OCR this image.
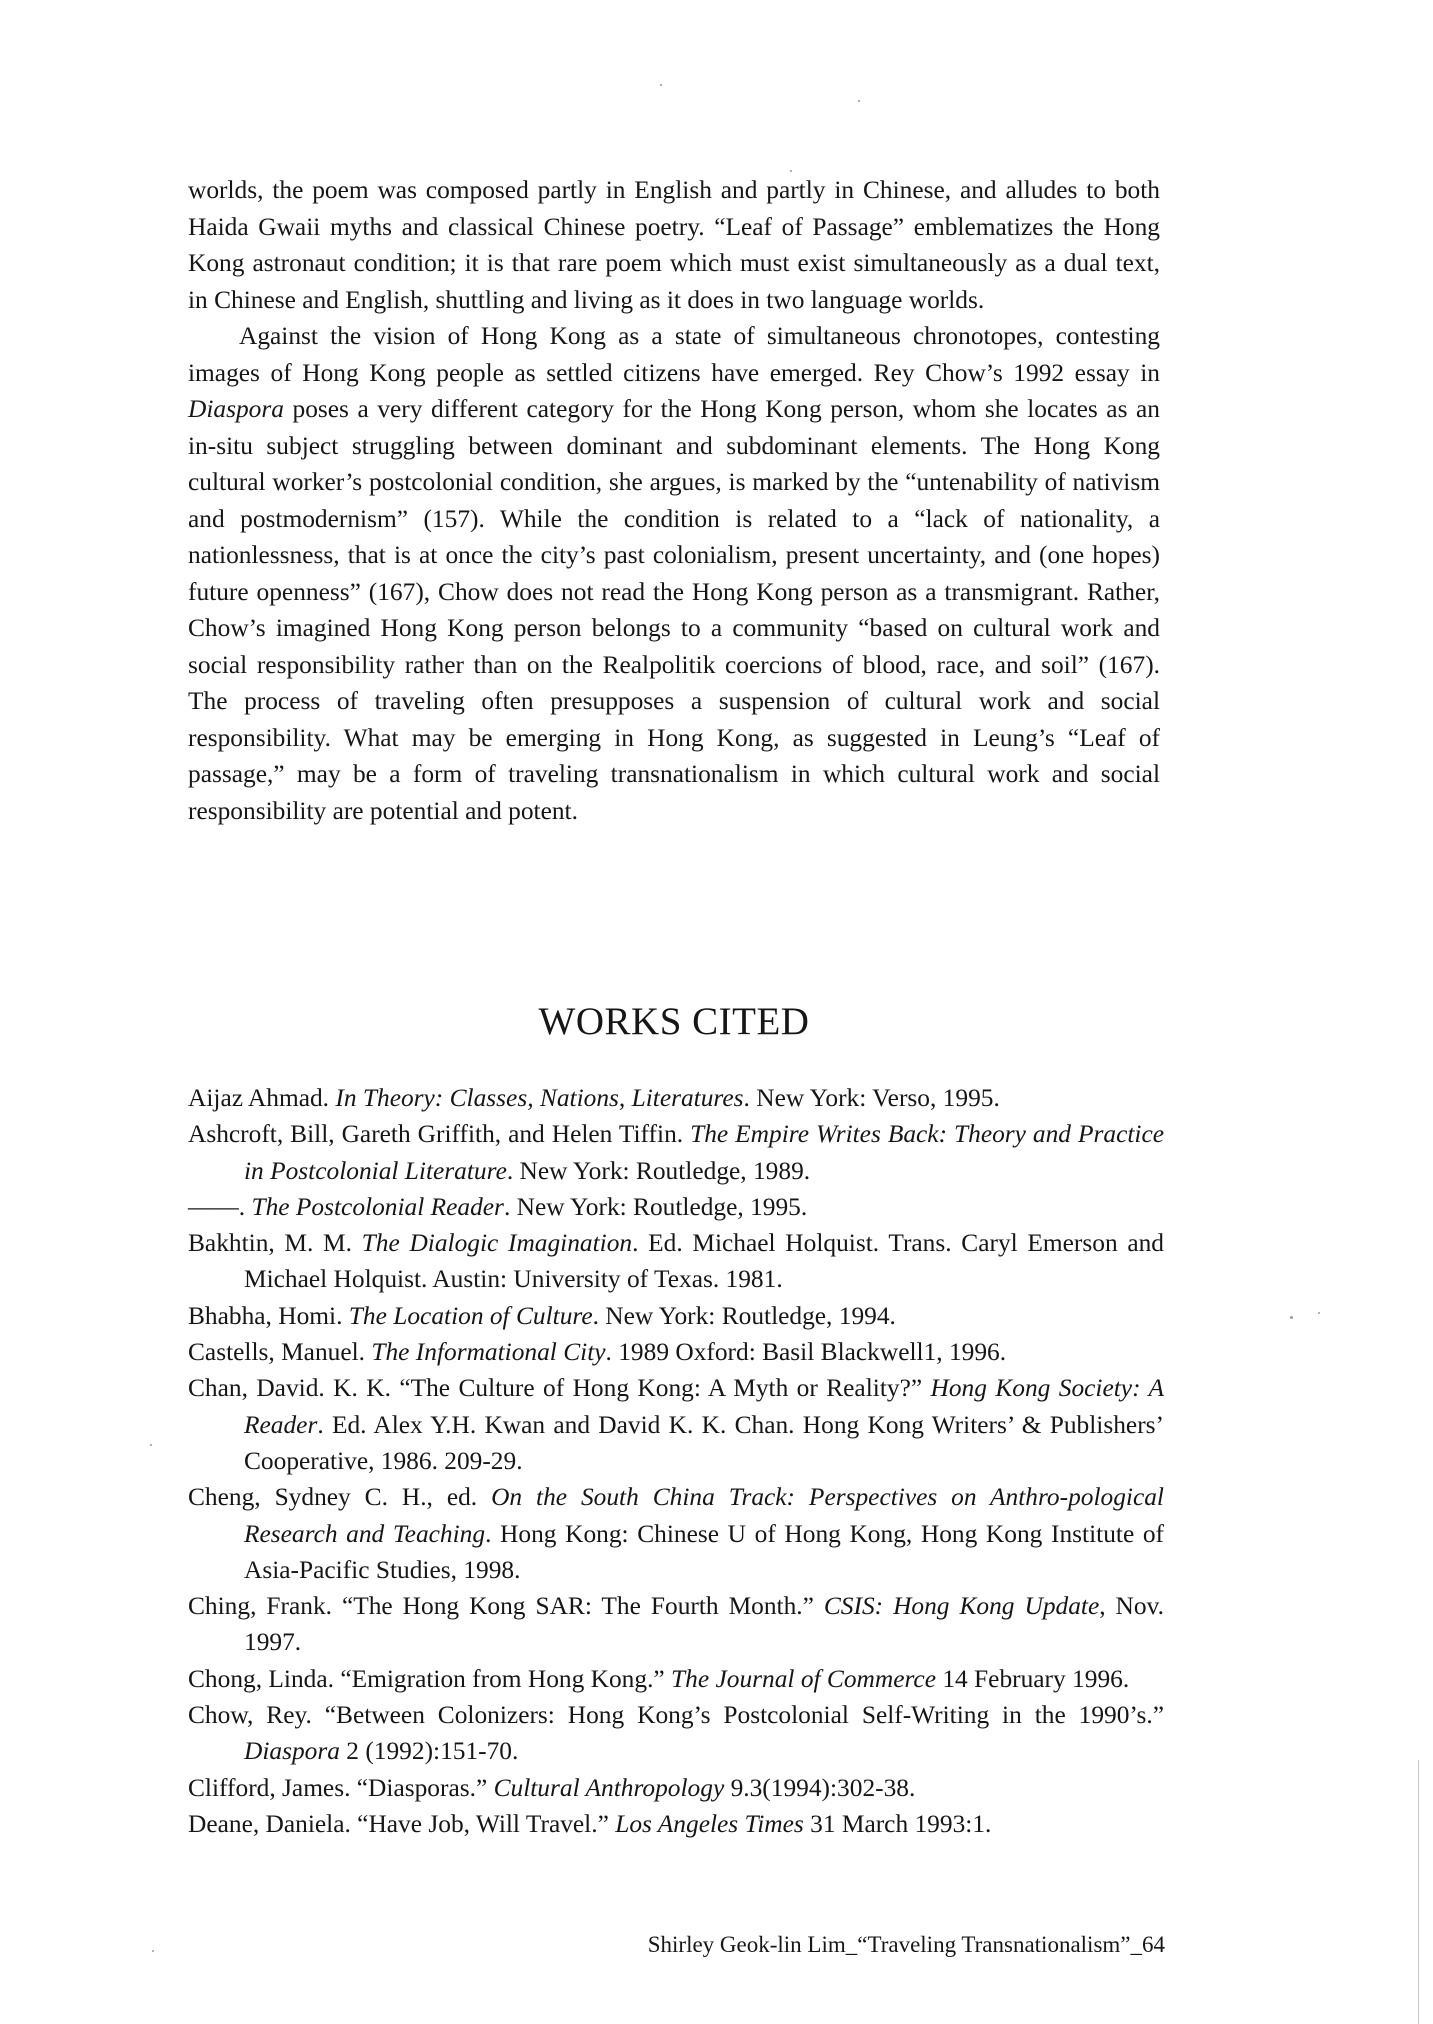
worlds, the poem was composed partly in English and partly in Chinese, and alludes to both Haida Gwaii myths and classical Chinese poetry. “Leaf of Passage” emblematizes the Hong Kong astronaut condition; it is that rare poem which must exist simultaneously as a dual text, in Chinese and English, shuttling and living as it does in two language worlds.

Against the vision of Hong Kong as a state of simultaneous chronotopes, contesting images of Hong Kong people as settled citizens have emerged. Rey Chow’s 1992 essay in Diaspora poses a very different category for the Hong Kong person, whom she locates as an in-situ subject struggling between dominant and subdominant elements. The Hong Kong cultural worker’s postcolonial condition, she argues, is marked by the “untenability of nativism and postmodernism” (157). While the condition is related to a “lack of nationality, a nationlessness, that is at once the city’s past colonialism, present uncertainty, and (one hopes) future openness” (167), Chow does not read the Hong Kong person as a transmigrant. Rather, Chow’s imagined Hong Kong person belongs to a community “based on cultural work and social responsibility rather than on the Realpolitik coercions of blood, race, and soil” (167). The process of traveling often presupposes a suspension of cultural work and social responsibility. What may be emerging in Hong Kong, as suggested in Leung’s “Leaf of passage,” may be a form of traveling transnationalism in which cultural work and social responsibility are potential and potent.

WORKS CITED

Aijaz Ahmad. In Theory: Classes, Nations, Literatures. New York: Verso, 1995.

Ashcroft, Bill, Gareth Griffith, and Helen Tiffin. The Empire Writes Back: Theory and Practice in Postcolonial Literature. New York: Routledge, 1989.

——. The Postcolonial Reader. New York: Routledge, 1995.

Bakhtin, M. M. The Dialogic Imagination. Ed. Michael Holquist. Trans. Caryl Emerson and Michael Holquist. Austin: University of Texas. 1981.

Bhabha, Homi. The Location of Culture. New York: Routledge, 1994.

Castells, Manuel. The Informational City. 1989 Oxford: Basil Blackwell1, 1996.

Chan, David. K. K. “The Culture of Hong Kong: A Myth or Reality?” Hong Kong Society: A Reader. Ed. Alex Y.H. Kwan and David K. K. Chan. Hong Kong Writers’ & Publishers’ Cooperative, 1986. 209-29.

Cheng, Sydney C. H., ed. On the South China Track: Perspectives on Anthro-pological Research and Teaching. Hong Kong: Chinese U of Hong Kong, Hong Kong Institute of Asia-Pacific Studies, 1998.

Ching, Frank. “The Hong Kong SAR: The Fourth Month.” CSIS: Hong Kong Update, Nov. 1997.

Chong, Linda. “Emigration from Hong Kong.” The Journal of Commerce 14 February 1996.

Chow, Rey. “Between Colonizers: Hong Kong’s Postcolonial Self-Writing in the 1990’s.” Diaspora 2 (1992):151-70.

Clifford, James. “Diasporas.” Cultural Anthropology 9.3(1994):302-38.

Deane, Daniela. “Have Job, Will Travel.” Los Angeles Times 31 March 1993:1.

Shirley Geok-lin Lim_“Traveling Transnationalism”_64
